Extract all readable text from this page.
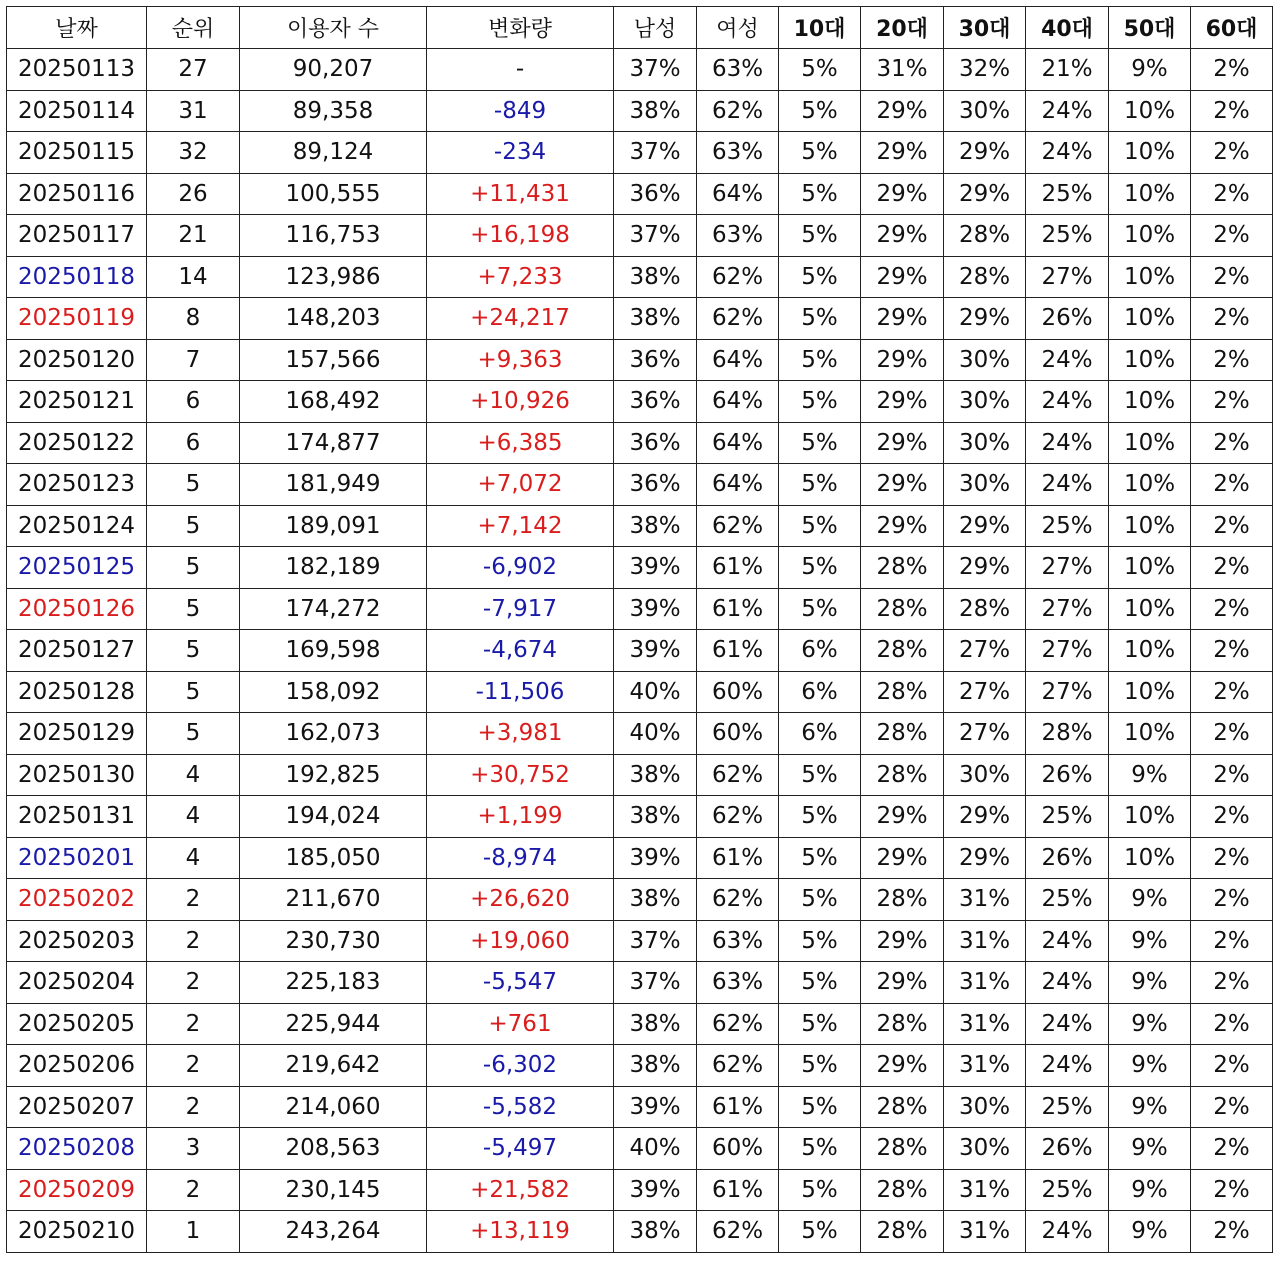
날짜	순위	이용자 수	변화량	남성	여성	10대	20대	30대	40대	50대	60대
20250113	27	90,207	-	37%	63%	5%	31%	32%	21%	9%	2%
20250114	31	89,358	-849	38%	62%	5%	29%	30%	24%	10%	2%
20250115	32	89,124	-234	37%	63%	5%	29%	29%	24%	10%	2%
20250116	26	100,555	+11,431	36%	64%	5%	29%	29%	25%	10%	2%
20250117	21	116,753	+16,198	37%	63%	5%	29%	28%	25%	10%	2%
20250118	14	123,986	+7,233	38%	62%	5%	29%	28%	27%	10%	2%
20250119	8	148,203	+24,217	38%	62%	5%	29%	29%	26%	10%	2%
20250120	7	157,566	+9,363	36%	64%	5%	29%	30%	24%	10%	2%
20250121	6	168,492	+10,926	36%	64%	5%	29%	30%	24%	10%	2%
20250122	6	174,877	+6,385	36%	64%	5%	29%	30%	24%	10%	2%
20250123	5	181,949	+7,072	36%	64%	5%	29%	30%	24%	10%	2%
20250124	5	189,091	+7,142	38%	62%	5%	29%	29%	25%	10%	2%
20250125	5	182,189	-6,902	39%	61%	5%	28%	29%	27%	10%	2%
20250126	5	174,272	-7,917	39%	61%	5%	28%	28%	27%	10%	2%
20250127	5	169,598	-4,674	39%	61%	6%	28%	27%	27%	10%	2%
20250128	5	158,092	-11,506	40%	60%	6%	28%	27%	27%	10%	2%
20250129	5	162,073	+3,981	40%	60%	6%	28%	27%	28%	10%	2%
20250130	4	192,825	+30,752	38%	62%	5%	28%	30%	26%	9%	2%
20250131	4	194,024	+1,199	38%	62%	5%	29%	29%	25%	10%	2%
20250201	4	185,050	-8,974	39%	61%	5%	29%	29%	26%	10%	2%
20250202	2	211,670	+26,620	38%	62%	5%	28%	31%	25%	9%	2%
20250203	2	230,730	+19,060	37%	63%	5%	29%	31%	24%	9%	2%
20250204	2	225,183	-5,547	37%	63%	5%	29%	31%	24%	9%	2%
20250205	2	225,944	+761	38%	62%	5%	28%	31%	24%	9%	2%
20250206	2	219,642	-6,302	38%	62%	5%	29%	31%	24%	9%	2%
20250207	2	214,060	-5,582	39%	61%	5%	28%	30%	25%	9%	2%
20250208	3	208,563	-5,497	40%	60%	5%	28%	30%	26%	9%	2%
20250209	2	230,145	+21,582	39%	61%	5%	28%	31%	25%	9%	2%
20250210	1	243,264	+13,119	38%	62%	5%	28%	31%	24%	9%	2%
